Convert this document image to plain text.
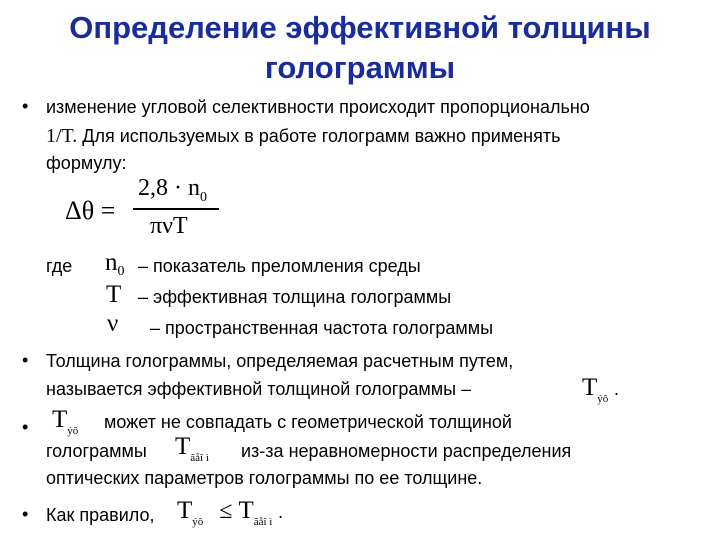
Определение эффективной толщины
голограммы
• изменение угловой селективности происходит пропорционально
1/T. Для используемых в работе голограмм важно применять
формулу:
Δθ =
$2,8 \cdot n_0$
πνT
где $n_0$ – показатель преломления среды
T – эффективная толщина голограммы
ν – пространственная частота голограммы
• Толщина голограммы, определяемая расчетным путем,
называется эффективной толщиной голограммы –	$T_{ýô}$ .
• $T_{ýô}$ может не совпадать с геометрической толщиной
голограммы $T_{ãåî ì}$ из-за неравномерности распределения
оптических параметров голограммы по ее толщине.
• Как правило, $T_{ýô} \le T_{ãåî ì}$ .
